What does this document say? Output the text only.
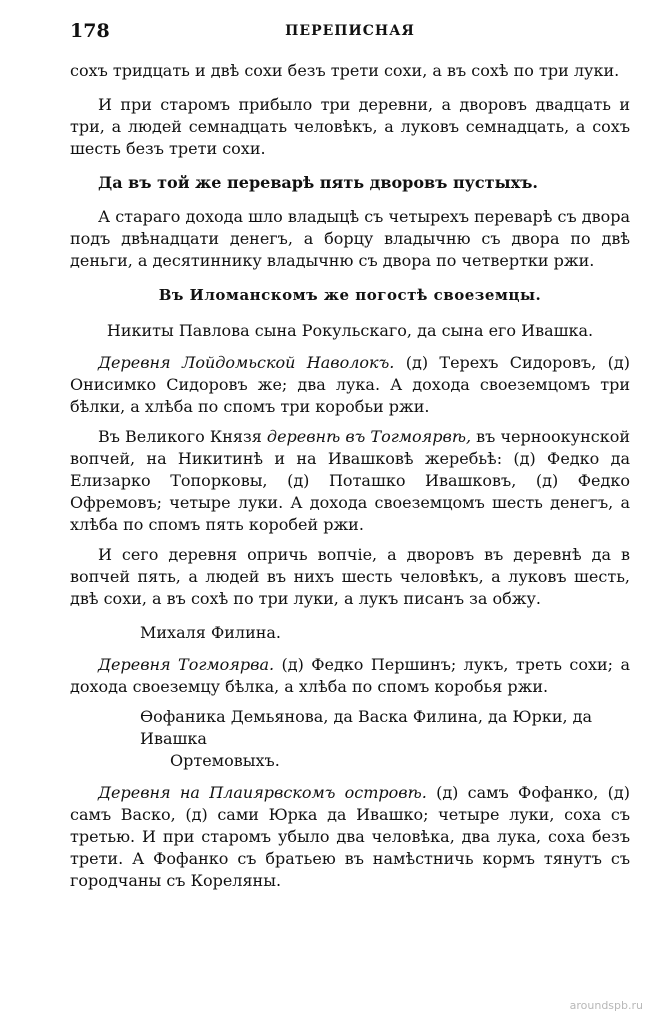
178	ПЕРЕПИСНАЯ

сохъ тридцать и двѣ сохи безъ трети сохи, а въ сохѣ по три луки.

И при старомъ прибыло три деревни, а дворовъ двадцать и три, а людей семнадцать человѣкъ, а луковъ семнадцать, а сохъ шесть безъ трети сохи.

Да въ той же переварѣ пять дворовъ пустыхъ.

А стараго дохода шло владыцѣ съ четырехъ переварѣ съ двора подъ двѣнадцати денегъ, а борцу владычню съ двора по двѣ деньги, а десятиннику владычню съ двора по четвертки ржи.

Въ Иломанскомъ же погостѣ своеземцы.
Никиты Павлова сына Рокульскаго, да сына его Ивашка.

Деревня Лойдомьской Наволокъ. (д) Терехъ Сидоровъ, (д) Онисимко Сидоровъ же; два лука. А дохода своеземцомъ три бѣлки, а хлѣба по спомъ три коробьи ржи.

Въ Великого Князя деревнѣ въ Тогмоярвѣ, въ черноокунской вопчей, на Никитинѣ и на Ивашковѣ жеребьѣ: (д) Федко да Елизарко Топорковы, (д) Поташко Ивашковъ, (д) Федко Офремовъ; четыре луки. А дохода своеземцомъ шесть денегъ, а хлѣба по спомъ пять коробей ржи.

И сего деревня опричь вопчіе, а дворовъ въ деревнѣ да в вопчей пять, а людей въ нихъ шесть человѣкъ, а луковъ шесть, двѣ сохи, а въ сохѣ по три луки, а лукъ писанъ за обжу.

Михаля Филина.

Деревня Тогмоярва. (д) Федко Першинъ; лукъ, треть сохи; а дохода своеземцу бѣлка, а хлѣба по спомъ коробья ржи.

Ѳофаника Демьянова, да Васка Филина, да Юрки, да Ивашка
Ортемовыхъ.

Деревня на Плаиярвскомъ островѣ. (д) самъ Фофанко, (д) самъ Васко, (д) сами Юрка да Ивашко; четыре луки, соха съ третью. И при старомъ убыло два человѣка, два лука, соха безъ трети. А Фофанко съ братьею въ намѣстничь кормъ тянутъ съ городчаны съ Кореляны.

aroundspb.ru
